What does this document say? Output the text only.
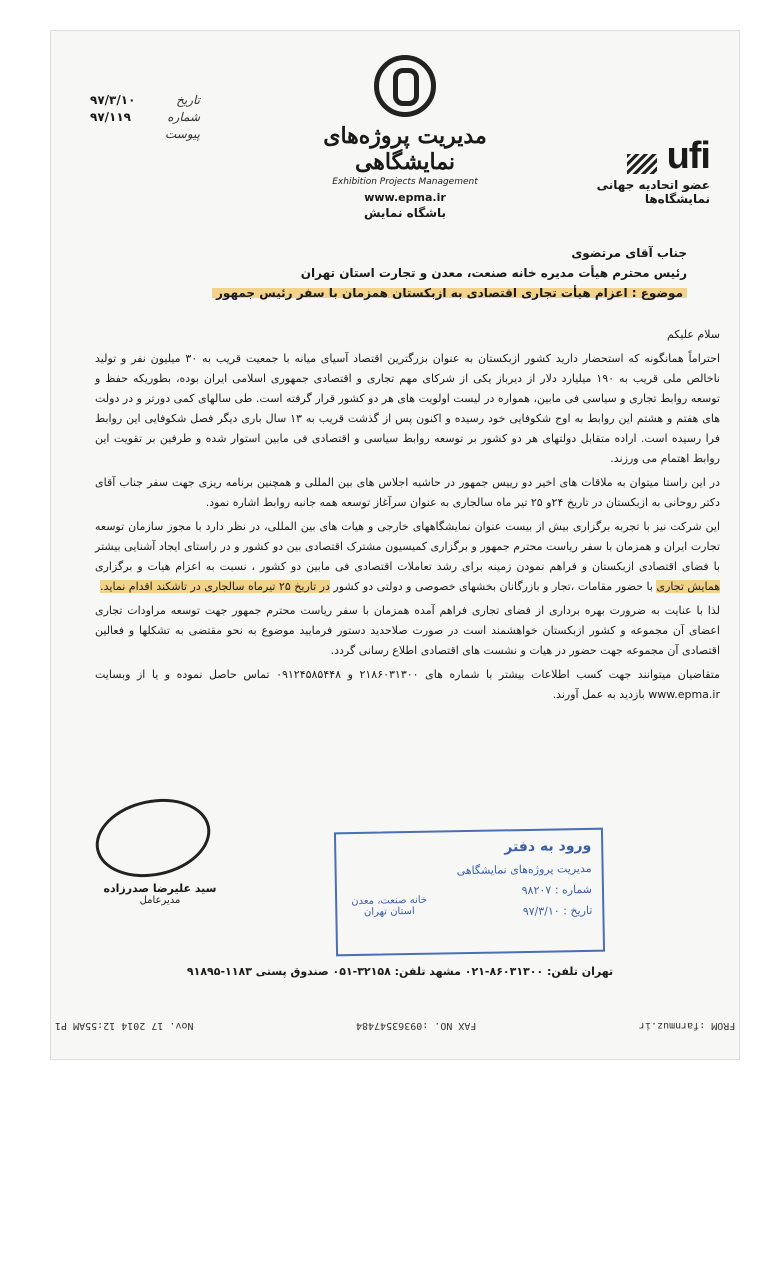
تاریخ
۹۷/۳/۱۰
شماره
۹۷/۱۱۹
پیوست	مدیریت پروژه‌های نمایشگاهی
Exhibition Projects Management
www.epma.ir
باشگاه نمایش
ufi
عضو اتحادیه جهانی نمایشگاه‌ها
جناب آقای مرتضوی
رئیس محترم هیأت مدیره خانه صنعت، معدن و تجارت استان تهران
موضوع : اعزام هیأت تجاری اقتصادی به ازبکستان همزمان با سفر رئیس جمهور

سلام علیکم

احتراماً همانگونه که استحضار دارید کشور ازبکستان به عنوان بزرگترین اقتصاد آسیای میانه با جمعیت قریب به ۳۰ میلیون نفر و تولید ناخالص ملی قریب به ۱۹۰ میلیارد دلار از دیرباز یکی از شرکای مهم تجاری و اقتصادی جمهوری اسلامی ایران بوده، بطوریکه حفظ و توسعه روابط تجاری و سیاسی فی مابین، همواره در لیست اولویت های هر دو کشور قرار گرفته است. طی سالهای کمی دورتر و در دولت های هفتم و هشتم این روابط به اوج شکوفایی خود رسیده و اکنون پس از گذشت قریب به ۱۳ سال باری دیگر فصل شکوفایی این روابط فرا رسیده است. اراده متقابل دولتهای هر دو کشور بر توسعه روابط سیاسی و اقتصادی فی مابین استوار شده و طرفین بر تقویت این روابط اهتمام می ورزند.

در این راستا میتوان به ملاقات های اخیر دو رییس جمهور در حاشیه اجلاس های بین المللی و همچنین برنامه ریزی جهت سفر جناب آقای دکتر روحانی به ازبکستان در تاریخ ۲۴و ۲۵ تیر ماه سالجاری به عنوان سرآغاز توسعه همه جانبه روابط اشاره نمود.

این شرکت نیز با تجربه برگزاری بیش از بیست عنوان نمایشگاههای خارجی و هیات های بین المللی، در نظر دارد با مجوز سازمان توسعه تجارت ایران و همزمان با سفر ریاست محترم جمهور و برگزاری کمیسیون مشترک اقتصادی بین دو کشور و در راستای ایجاد آشنایی بیشتر با فضای اقتصادی ازبکستان و فراهم نمودن زمینه برای رشد تعاملات اقتصادی فی مابین دو کشور ، نسبت به اعزام هیات و برگزاری همایش تجاری با حضور مقامات ،تجار و بازرگانان بخشهای خصوصی و دولتی دو کشور در تاریخ ۲۵ تیرماه سالجاری در تاشکند اقدام نماید.

لذا با عنایت به ضرورت بهره برداری از فضای تجاری فراهم آمده همزمان با سفر ریاست محترم جمهور جهت توسعه مراودات تجاری اعضای آن مجموعه و کشور ازبکستان خواهشمند است در صورت صلاحدید دستور فرمایید موضوع به نحو مقتضی به تشکلها و فعالین اقتصادی آن مجموعه جهت حضور در هیات و نشست های اقتصادی اطلاع رسانی گردد.

متقاضیان میتوانند جهت کسب اطلاعات بیشتر با شماره های ۲۱۸۶۰۳۱۳۰۰ و ۰۹۱۲۴۵۸۵۴۴۸ تماس حاصل نموده و یا از وبسایت www.epma.ir بازدید به عمل آورند.

سید علیرضا صدرزاده
مدیرعامل
ورود به دفتر
مدیریت پروژه‌های نمایشگاهی
شماره : ۹۸۲۰۷
تاریخ : ۹۷/۳/۱۰
خانه صنعت، معدن
استان تهران
تهران تلفن: ۸۶۰۳۱۳۰۰-۰۲۱ مشهد تلفن: ۳۲۱۵۸-۰۵۱ صندوق پستی ۱۱۸۳-۹۱۸۹۵
Nov. 17 2014 12:55AM P1	FAX NO. :09363547484	FROM :farnmuz.ir
